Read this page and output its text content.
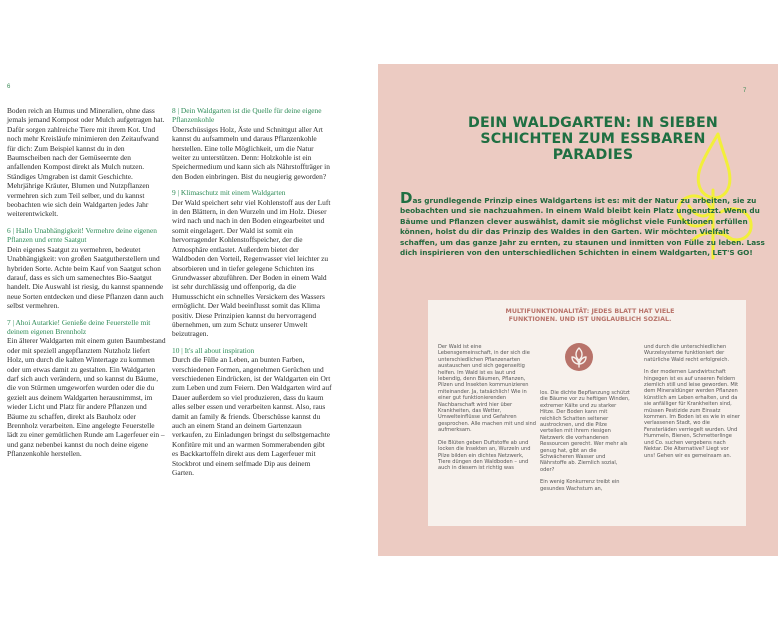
6

Boden reich an Humus und Mineralien, ohne dass jemals jemand Kompost oder Mulch aufgetragen hat. Dafür sorgen zahlreiche Tiere mit ihrem Kot. Und noch mehr Kreisläufe minimieren den Zeitaufwand für dich: Zum Beispiel kannst du in den Baumscheiben nach der Gemüseernte den anfallenden Kompost direkt als Mulch nutzen. Ständiges Umgraben ist damit Geschichte. Mehrjährige Kräuter, Blumen und Nutzpflanzen vermehren sich zum Teil selber, und du kannst beobachten wie sich dein Waldgarten jedes Jahr weiterentwickelt.

6 | Hallo Unabhängigkeit! Vermehre deine eigenen Pflanzen und ernte Saatgut
Dein eigenes Saatgut zu vermehren, bedeutet Unabhängigkeit: von großen Saatgutherstellern und hybriden Sorte. Achte beim Kauf von Saatgut schon darauf, dass es sich um samenechtes Bio-Saatgut handelt. Die Auswahl ist riesig, du kannst spannende neue Sorten entdecken und diese Pflanzen dann auch selbst vermehren.

7 | Ahoi Autarkie! Genieße deine Feuerstelle mit deinem eigenen Brennholz
Ein älterer Waldgarten mit einem guten Baumbestand oder mit speziell angepflanztem Nutzholz liefert Holz, um durch die kalten Wintertage zu kommen oder um etwas damit zu gestalten. Ein Waldgarten darf sich auch verändern, und so kannst du Bäume, die von Stürmen umgeworfen wurden oder die du gezielt aus deinem Waldgarten herausnimmst, im wieder Licht und Platz für andere Pflanzen und Bäume zu schaffen, direkt als Bauholz oder Brennholz verarbeiten. Eine angelegte Feuerstelle lädt zu einer gemütlichen Runde am Lagerfeuer ein – und ganz nebenbei kannst du noch deine eigene Pflanzenkohle herstellen.

8 | Dein Waldgarten ist die Quelle für deine eigene Pflanzenkohle
Überschüssiges Holz, Äste und Schnittgut aller Art kannst du aufsammeln und daraus Pflanzenkohle herstellen. Eine tolle Möglichkeit, um die Natur weiter zu unterstützen. Denn: Holzkohle ist ein Speichermedium und kann sich als Nährstoffträger in den Boden einbringen. Bist du neugierig geworden?

9 | Klimaschutz mit einem Waldgarten
Der Wald speichert sehr viel Kohlenstoff aus der Luft in den Blättern, in den Wurzeln und im Holz. Dieser wird nach und nach in den Boden eingearbeitet und somit eingelagert. Der Wald ist somit ein hervorragender Kohlenstoffspeicher, der die Atmosphäre entlastet. Außerdem bietet der Waldboden den Vorteil, Regenwasser viel leichter zu absorbieren und in tiefer gelegene Schichten ins Grundwasser abzuführen. Der Boden in einem Wald ist sehr durchlässig und offenporig, da die Humusschicht ein schnelles Versickern des Wassers ermöglicht. Der Wald beeinflusst somit das Klima positiv. Diese Prinzipien kannst du hervorragend übernehmen, um zum Schutz unserer Umwelt beizutragen.

10 | It's all about inspiration
Durch die Fülle an Leben, an bunten Farben, verschiedenen Formen, angenehmen Gerüchen und verschiedenen Eindrücken, ist der Waldgarten ein Ort zum Leben und zum Feiern. Den Waldgarten wird auf Dauer außerdem so viel produzieren, dass du kaum alles selber essen und verarbeiten kannst. Also, raus damit an family & friends. Überschüsse kannst du auch an einem Stand an deinem Gartenzaun verkaufen, zu Einladungen bringst du selbstgemachte Konfitüre mit und an warmen Sommerabenden gibt es Backkartoffeln direkt aus dem Lagerfeuer mit Stockbrot und einem selfmade Dip aus deinem Garten.

7
DEIN WALDGARTEN: IN SIEBEN SCHICHTEN ZUM ESSBAREN PARADIES
Das grundlegende Prinzip eines Waldgartens ist es: mit der Natur zu arbeiten, sie zu beobachten und sie nachzuahmen. In einem Wald bleibt kein Platz ungenutzt. Wenn du Bäume und Pflanzen clever auswählst, damit sie möglichst viele Funktionen erfüllen können, holst du dir das Prinzip des Waldes in den Garten. Wir möchten Vielfalt schaffen, um das ganze Jahr zu ernten, zu staunen und inmitten von Fülle zu leben. Lass dich inspirieren von den unterschiedlichen Schichten in einem Waldgarten, LET'S GO!
MULTIFUNKTIONALITÄT: JEDES BLATT HAT VIELE FUNKTIONEN. UND IST UNGLAUBLICH SOZIAL.

Der Wald ist eine Lebensgemeinschaft, in der sich die unterschiedlichen Pflanzenarten austauschen und sich gegenseitig helfen. Im Wald ist es laut und lebendig, denn Bäumen, Pflanzen, Pilzen und Insekten kommunizieren miteinander. Ja, tatsächlich! Wie in einer gut funktionierenden Nachbarschaft wird hier über Krankheiten, das Wetter, Umwelteinflüsse und Gefahren gesprochen. Alle machen mit und sind aufmerksam.

Die Blüten geben Duftstoffe ab und locken die Insekten an, Wurzeln und Pilze bilden ein dichtes Netzwerk, Tiere düngen den Waldboden – und auch in diesem ist richtig was

los. Die dichte Bepflanzung schützt die Bäume vor zu heftigen Winden, extremer Kälte und zu starker Hitze. Der Boden kann mit reichlich Schatten seltener austrocknen, und die Pilze verteilen mit ihrem riesigen Netzwerk die vorhandenen Ressourcen gerecht. Wer mehr als genug hat, gibt an die Schwächeren Wasser und Nährstoffe ab. Ziemlich sozial, oder?

Ein wenig Konkurrenz treibt ein gesundes Wachstum an,

und durch die unterschiedlichen Wurzelsysteme funktioniert der natürliche Wald recht erfolgreich.

In der modernen Landwirtschaft hingegen ist es auf unseren Feldern ziemlich still und leise geworden. Mit dem Mineraldünger werden Pflanzen künstlich am Leben erhalten, und da sie anfälliger für Krankheiten sind, müssen Pestizide zum Einsatz kommen. Im Boden ist es wie in einer verlassenen Stadt, wo die Fensterläden verriegelt wurden. Und Hummeln, Bienen, Schmetterlinge und Co. suchen vergebens nach Nektar. Die Alternative? Liegt vor uns! Gehen wir es gemeinsam an.
